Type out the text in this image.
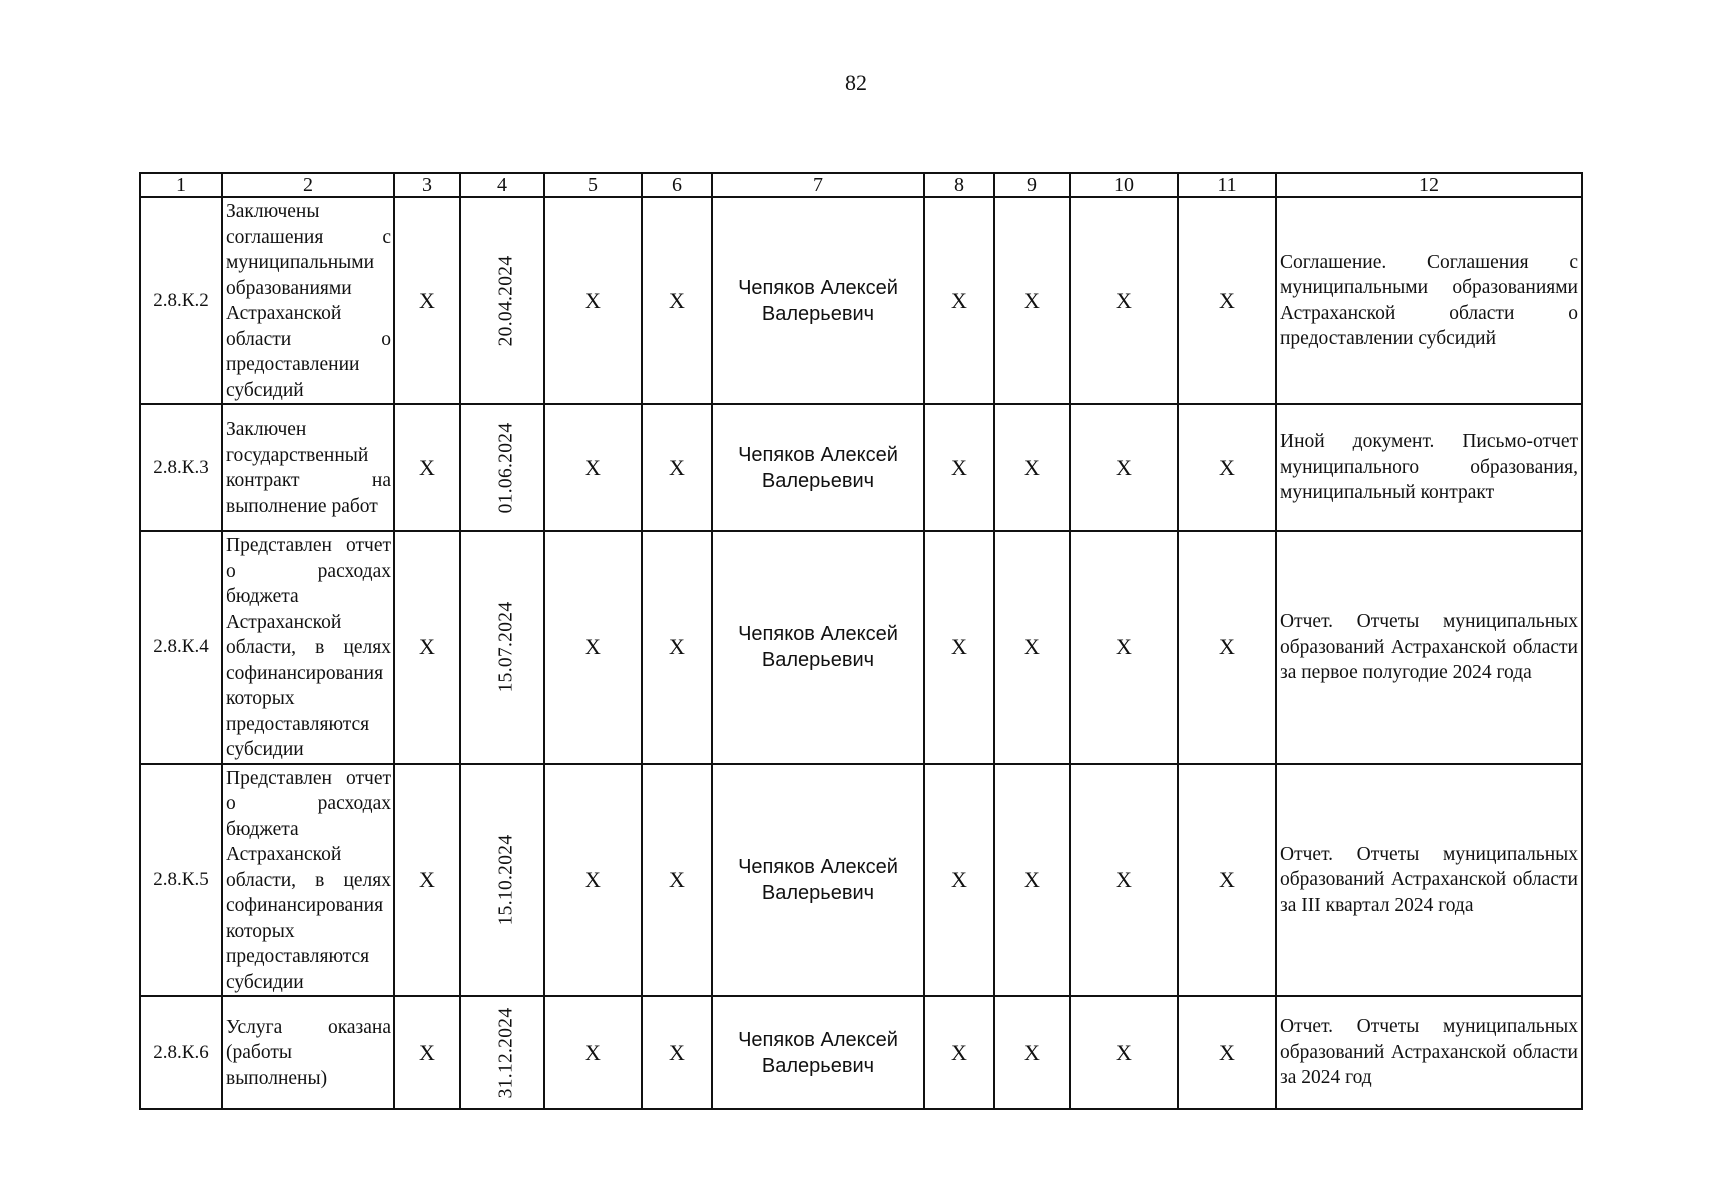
82
1	2	3	4	5	6	7	8	9	10	11	12
2.8.К.2	Заключены соглашения с муниципальными образованиями Астраханской области о предоставлении субсидий	X	20.04.2024	X	X	Чепяков Алексей Валерьевич	X	X	X	X	Соглашение. Соглашения с муниципальными образованиями Астраханской области о предоставлении субсидий
2.8.К.3	Заключен государственный контракт на выполнение работ	X	01.06.2024	X	X	Чепяков Алексей Валерьевич	X	X	X	X	Иной документ. Письмо-отчет муниципального образования, муниципальный контракт
2.8.К.4	Представлен отчет о расходах бюджета Астраханской области, в целях софинансирования которых предоставляются субсидии	X	15.07.2024	X	X	Чепяков Алексей Валерьевич	X	X	X	X	Отчет. Отчеты муниципальных образований Астраханской области за первое полугодие 2024 года
2.8.К.5	Представлен отчет о расходах бюджета Астраханской области, в целях софинансирования которых предоставляются субсидии	X	15.10.2024	X	X	Чепяков Алексей Валерьевич	X	X	X	X	Отчет. Отчеты муниципальных образований Астраханской области за III квартал 2024 года
2.8.К.6	Услуга оказана (работы выполнены)	X	31.12.2024	X	X	Чепяков Алексей Валерьевич	X	X	X	X	Отчет. Отчеты муниципальных образований Астраханской области за 2024 год
